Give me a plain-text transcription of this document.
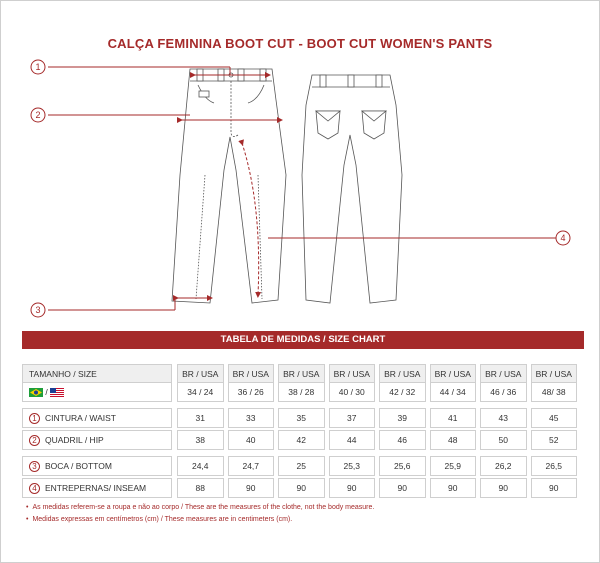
CALÇA FEMININA BOOT CUT - BOOT CUT WOMEN'S PANTS
1
2
3
4
TABELA DE MEDIDAS / SIZE CHART
TAMANHO / SIZE	BR / USA	BR / USA	BR / USA	BR / USA	BR / USA	BR / USA	BR / USA	BR / USA
/	34 / 24	36 / 26	38 / 28	40 / 30	42 / 32	44 / 34	46 / 36	48/ 38
1 CINTURA / WAIST	31	33	35	37	39	41	43	45
2 QUADRIL / HIP	38	40	42	44	46	48	50	52
3 BOCA / BOTTOM	24,4	24,7	25	25,3	25,6	25,9	26,2	26,5
4 ENTREPERNAS/ INSEAM	88	90	90	90	90	90	90	90
• As medidas referem-se a roupa e não ao corpo / These are the measures of the clothe, not the body measure.
• Medidas expressas em centímetros (cm) / These measures are in centimeters (cm).
